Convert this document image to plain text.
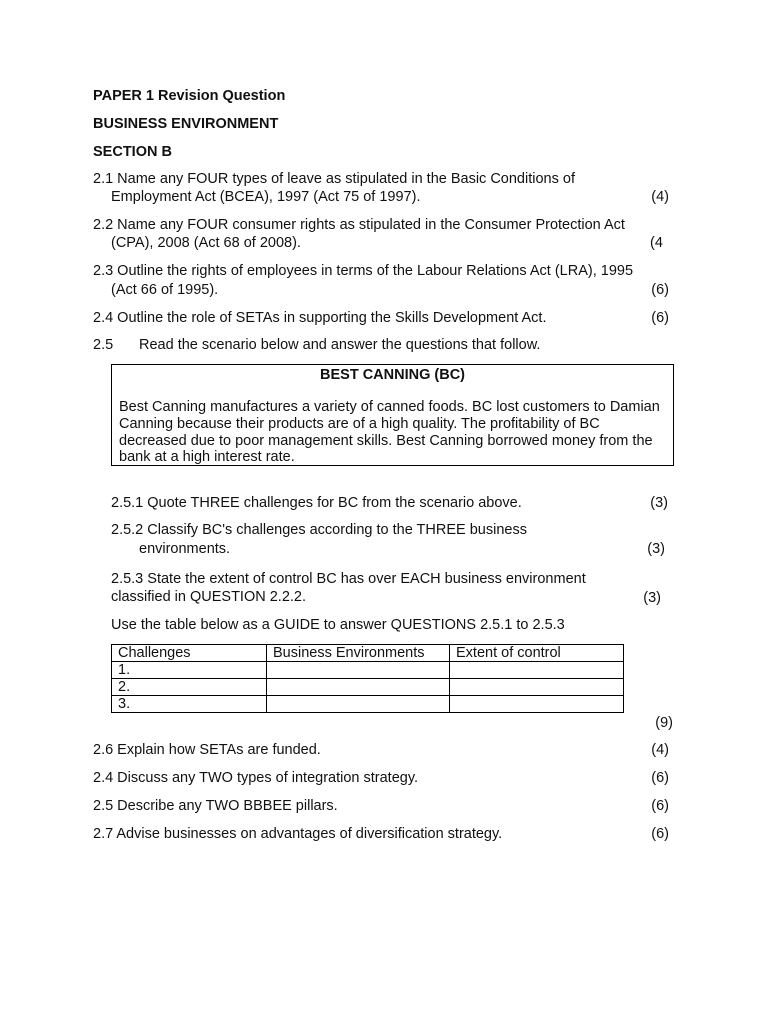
PAPER 1 Revision Question
BUSINESS ENVIRONMENT
SECTION B
2.1 Name any FOUR types of leave as stipulated in the Basic Conditions of
Employment Act (BCEA), 1997 (Act 75 of 1997).	(4)
2.2 Name any FOUR consumer rights as stipulated in the Consumer Protection Act
(CPA), 2008 (Act 68 of 2008).	(4
2.3 Outline the rights of employees in terms of the Labour Relations Act (LRA), 1995
(Act 66 of 1995).	(6)
2.4 Outline the role of SETAs in supporting the Skills Development Act.	(6)
2.5 Read the scenario below and answer the questions that follow.
BEST CANNING (BC)
Best Canning manufactures a variety of canned foods. BC lost customers to Damian Canning because their products are of a high quality. The profitability of BC decreased due to poor management skills. Best Canning borrowed money from the bank at a high interest rate.
2.5.1 Quote THREE challenges for BC from the scenario above.	(3)
2.5.2 Classify BC's challenges according to the THREE business
environments.	(3)
2.5.3 State the extent of control BC has over EACH business environment
classified in QUESTION 2.2.2.	(3)
Use the table below as a GUIDE to answer QUESTIONS 2.5.1 to 2.5.3
Challenges	Business Environments	Extent of control
1.		
2.		
3.		
(9)
2.6 Explain how SETAs are funded.	(4)
2.4 Discuss any TWO types of integration strategy.	(6)
2.5 Describe any TWO BBBEE pillars.	(6)
2.7 Advise businesses on advantages of diversification strategy.	(6)
